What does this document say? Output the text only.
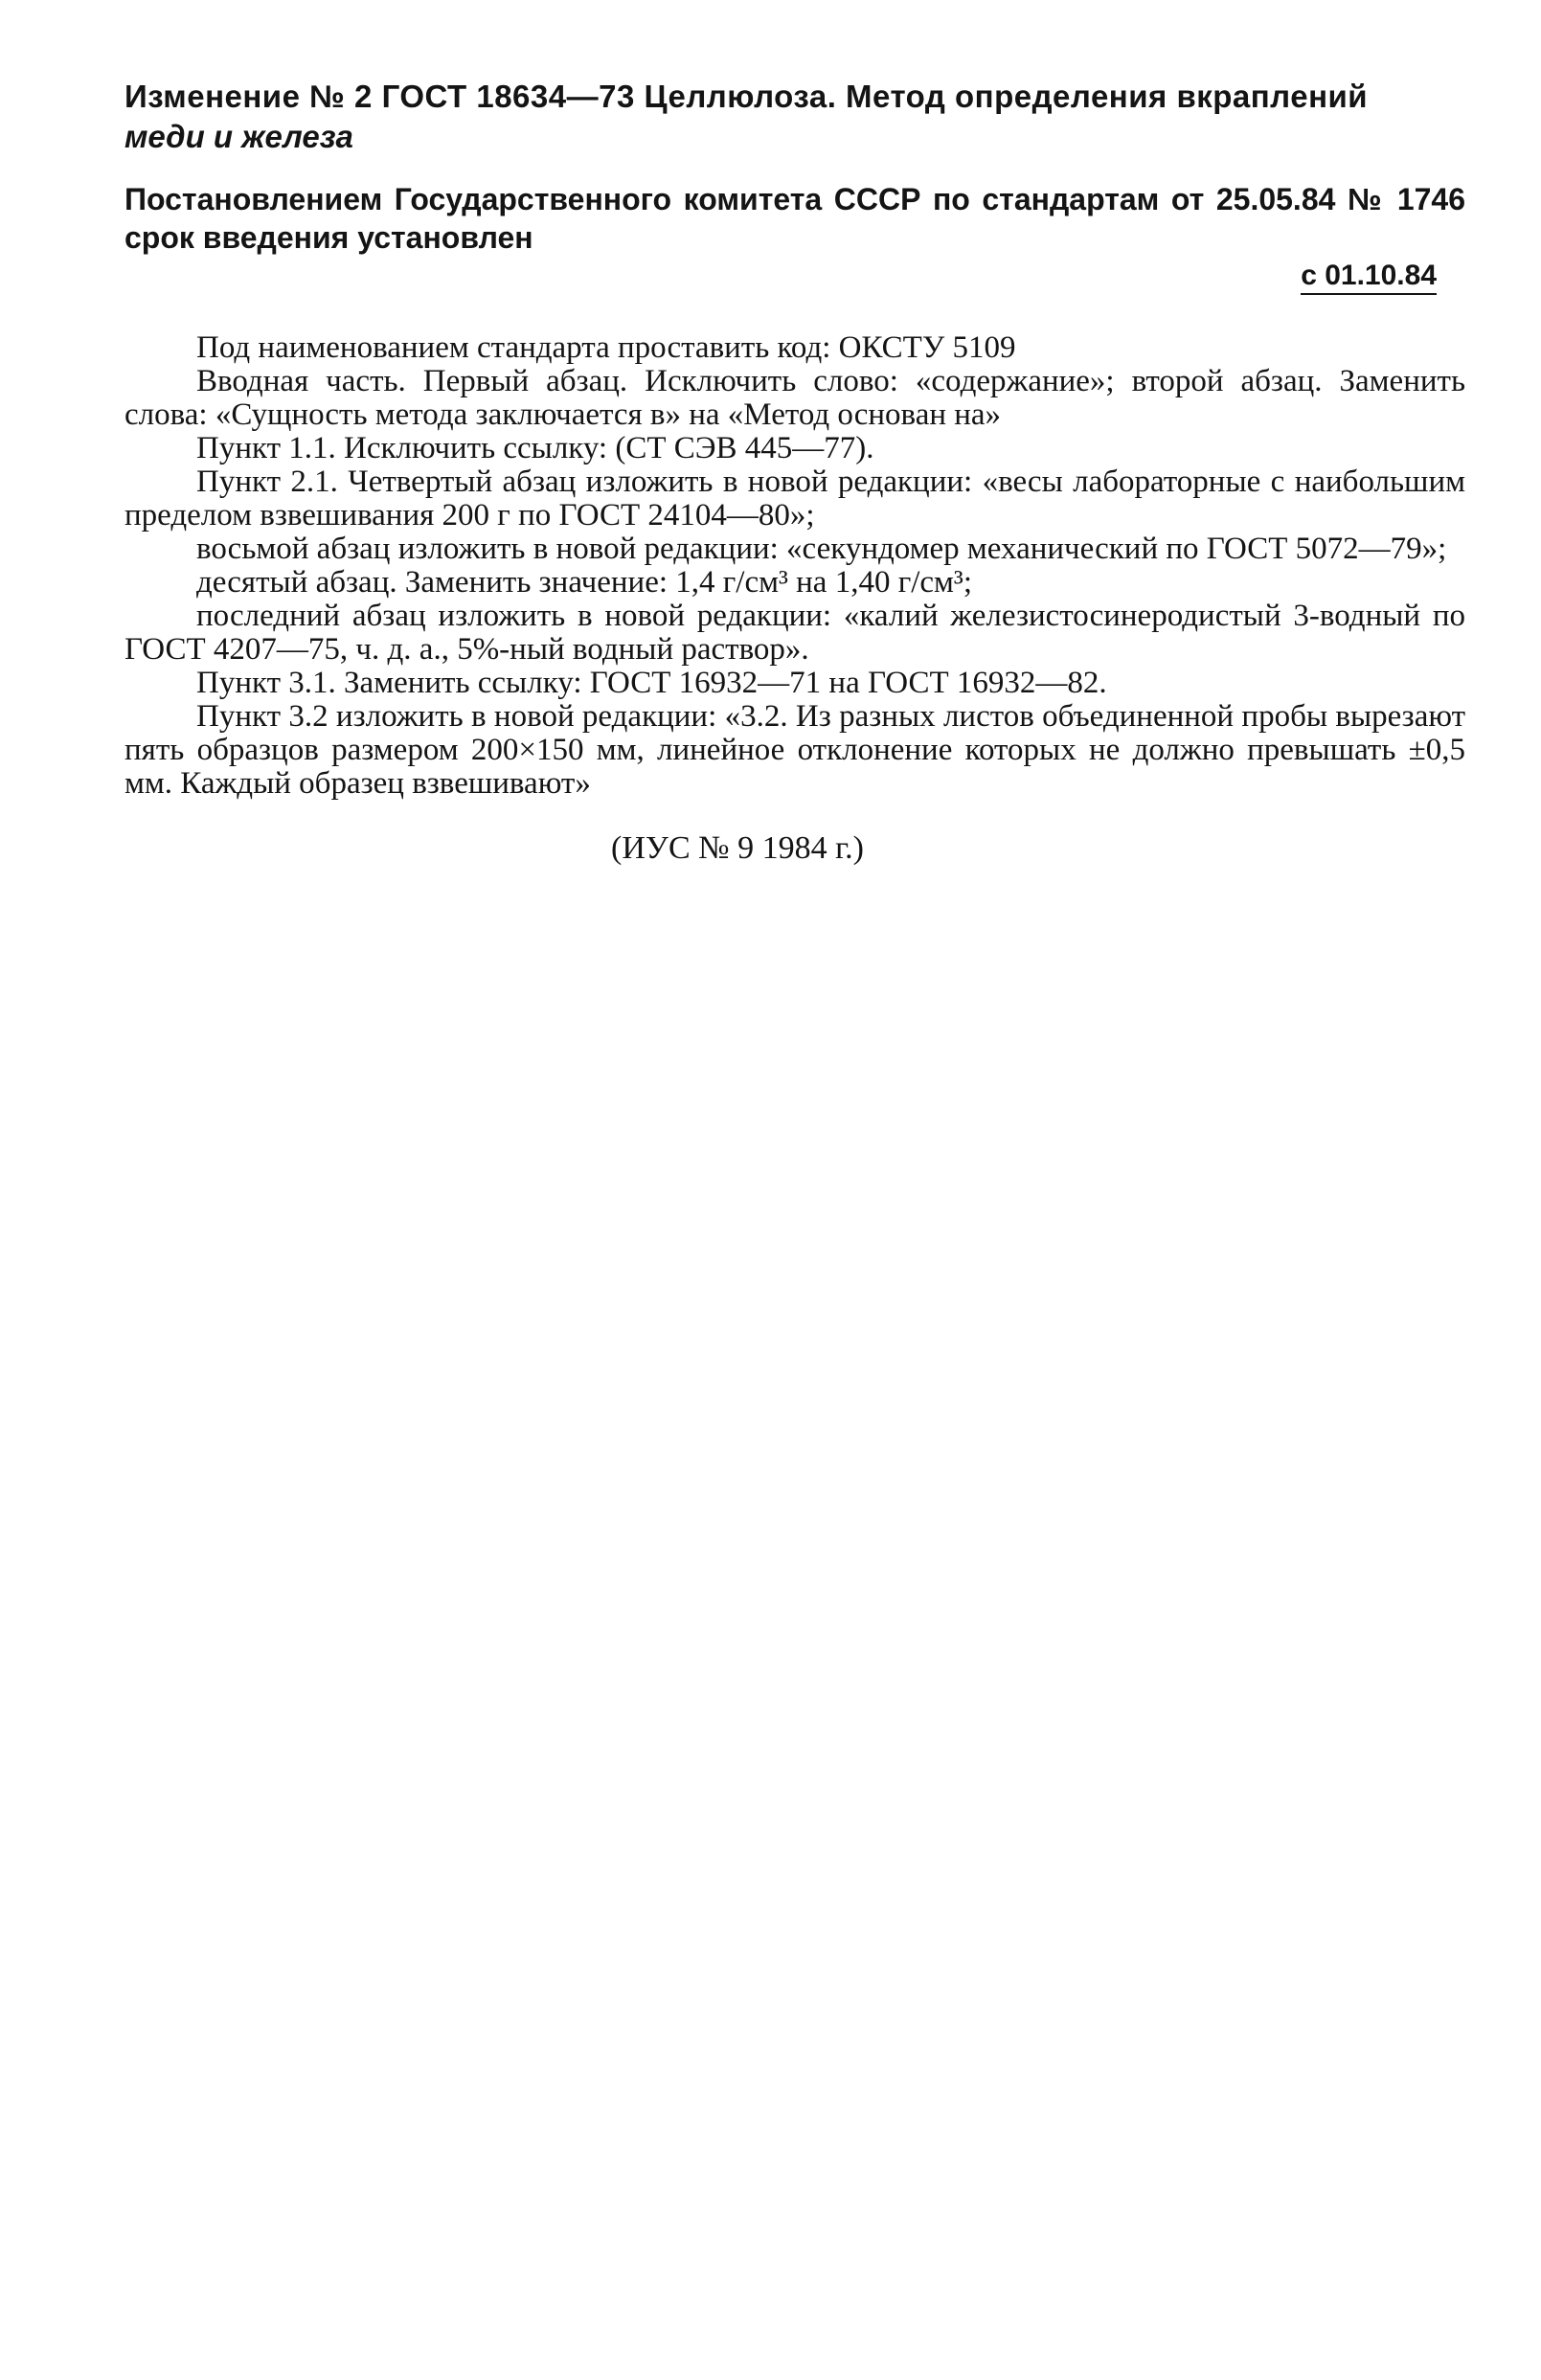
Изменение № 2 ГОСТ 18634—73 Целлюлоза. Метод определения вкраплений
меди и железа

Постановлением Государственного комитета СССР по стандартам от 25.05.84 № 1746 срок введения установлен

с 01.10.84

Под наименованием стандарта проставить код: ОКСТУ 5109

Вводная часть. Первый абзац. Исключить слово: «содержание»; второй абзац. Заменить слова: «Сущность метода заключается в» на «Метод основан на»

Пункт 1.1. Исключить ссылку: (СТ СЭВ 445—77).

Пункт 2.1. Четвертый абзац изложить в новой редакции: «весы лабораторные с наибольшим пределом взвешивания 200 г по ГОСТ 24104—80»;

восьмой абзац изложить в новой редакции: «секундомер механический по ГОСТ 5072—79»;

десятый абзац. Заменить значение: 1,4 г/см³ на 1,40 г/см³;

последний абзац изложить в новой редакции: «калий железистосинеродистый 3-водный по ГОСТ 4207—75, ч. д. а., 5%-ный водный раствор».

Пункт 3.1. Заменить ссылку: ГОСТ 16932—71 на ГОСТ 16932—82.

Пункт 3.2 изложить в новой редакции: «3.2. Из разных листов объединенной пробы вырезают пять образцов размером 200×150 мм, линейное отклонение которых не должно превышать ±0,5 мм. Каждый образец взвешивают»

(ИУС № 9 1984 г.)
